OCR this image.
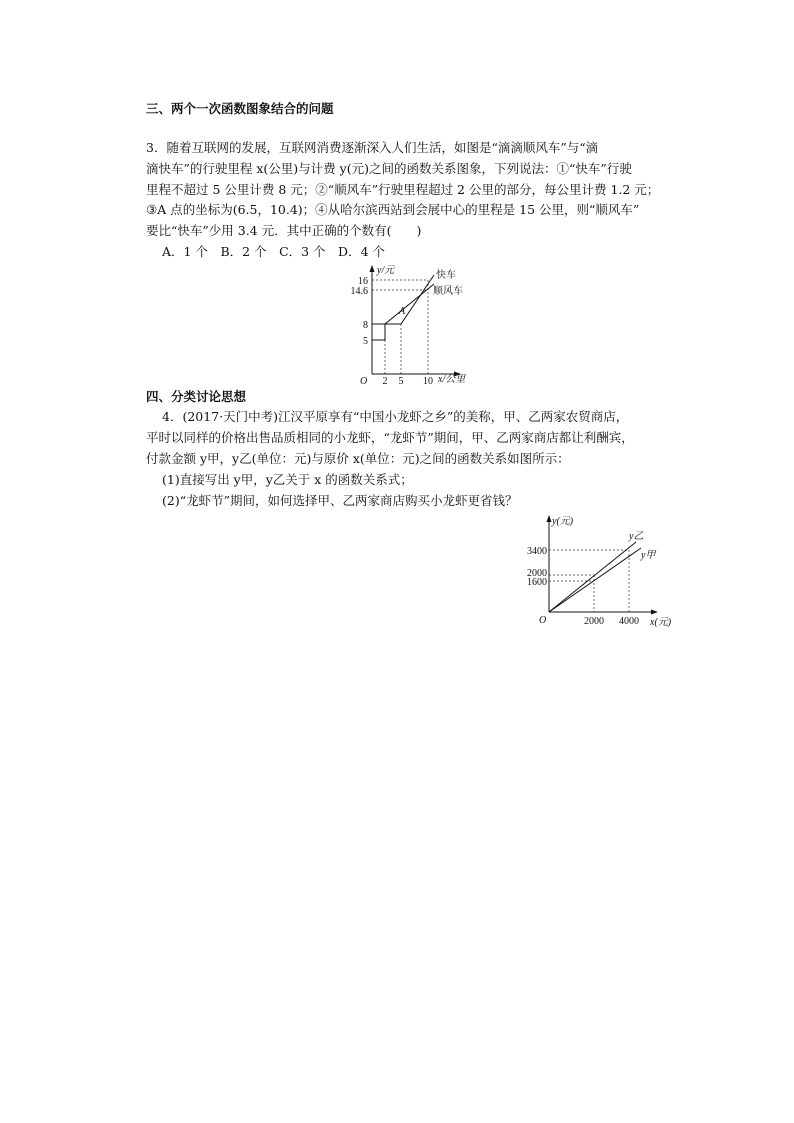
三、两个一次函数图象结合的问题
3．随着互联网的发展，互联网消费逐渐深入人们生活，如图是“滴滴顺风车”与“滴
滴快车”的行驶里程 x(公里)与计费 y(元)之间的函数关系图象，下列说法：①“快车”行驶
里程不超过 5 公里计费 8 元；②“顺风车”行驶里程超过 2 公里的部分，每公里计费 1.2 元；
③A 点的坐标为(6.5，10.4)；④从哈尔滨西站到会展中心的里程是 15 公里，则“顺风车”
要比“快车”少用 3.4 元．其中正确的个数有(　　)
A．1 个　B．2 个　C．3 个　D．4 个
y/元
x/公里
O
16
14.6
8
5
2 5 10
A
快车
顺风车
四、分类讨论思想
4．(2017·天门中考)江汉平原享有“中国小龙虾之乡”的美称，甲、乙两家农贸商店，
平时以同样的价格出售品质相同的小龙虾，“龙虾节”期间，甲、乙两家商店都让利酬宾，
付款金额 y甲，y乙(单位：元)与原价 x(单位：元)之间的函数关系如图所示：
(1)直接写出 y甲，y乙关于 x 的函数关系式；
(2)“龙虾节”期间，如何选择甲、乙两家商店购买小龙虾更省钱？
y(元)
x(元)
O
3400
2000
1600
2000 4000
y乙
y甲
